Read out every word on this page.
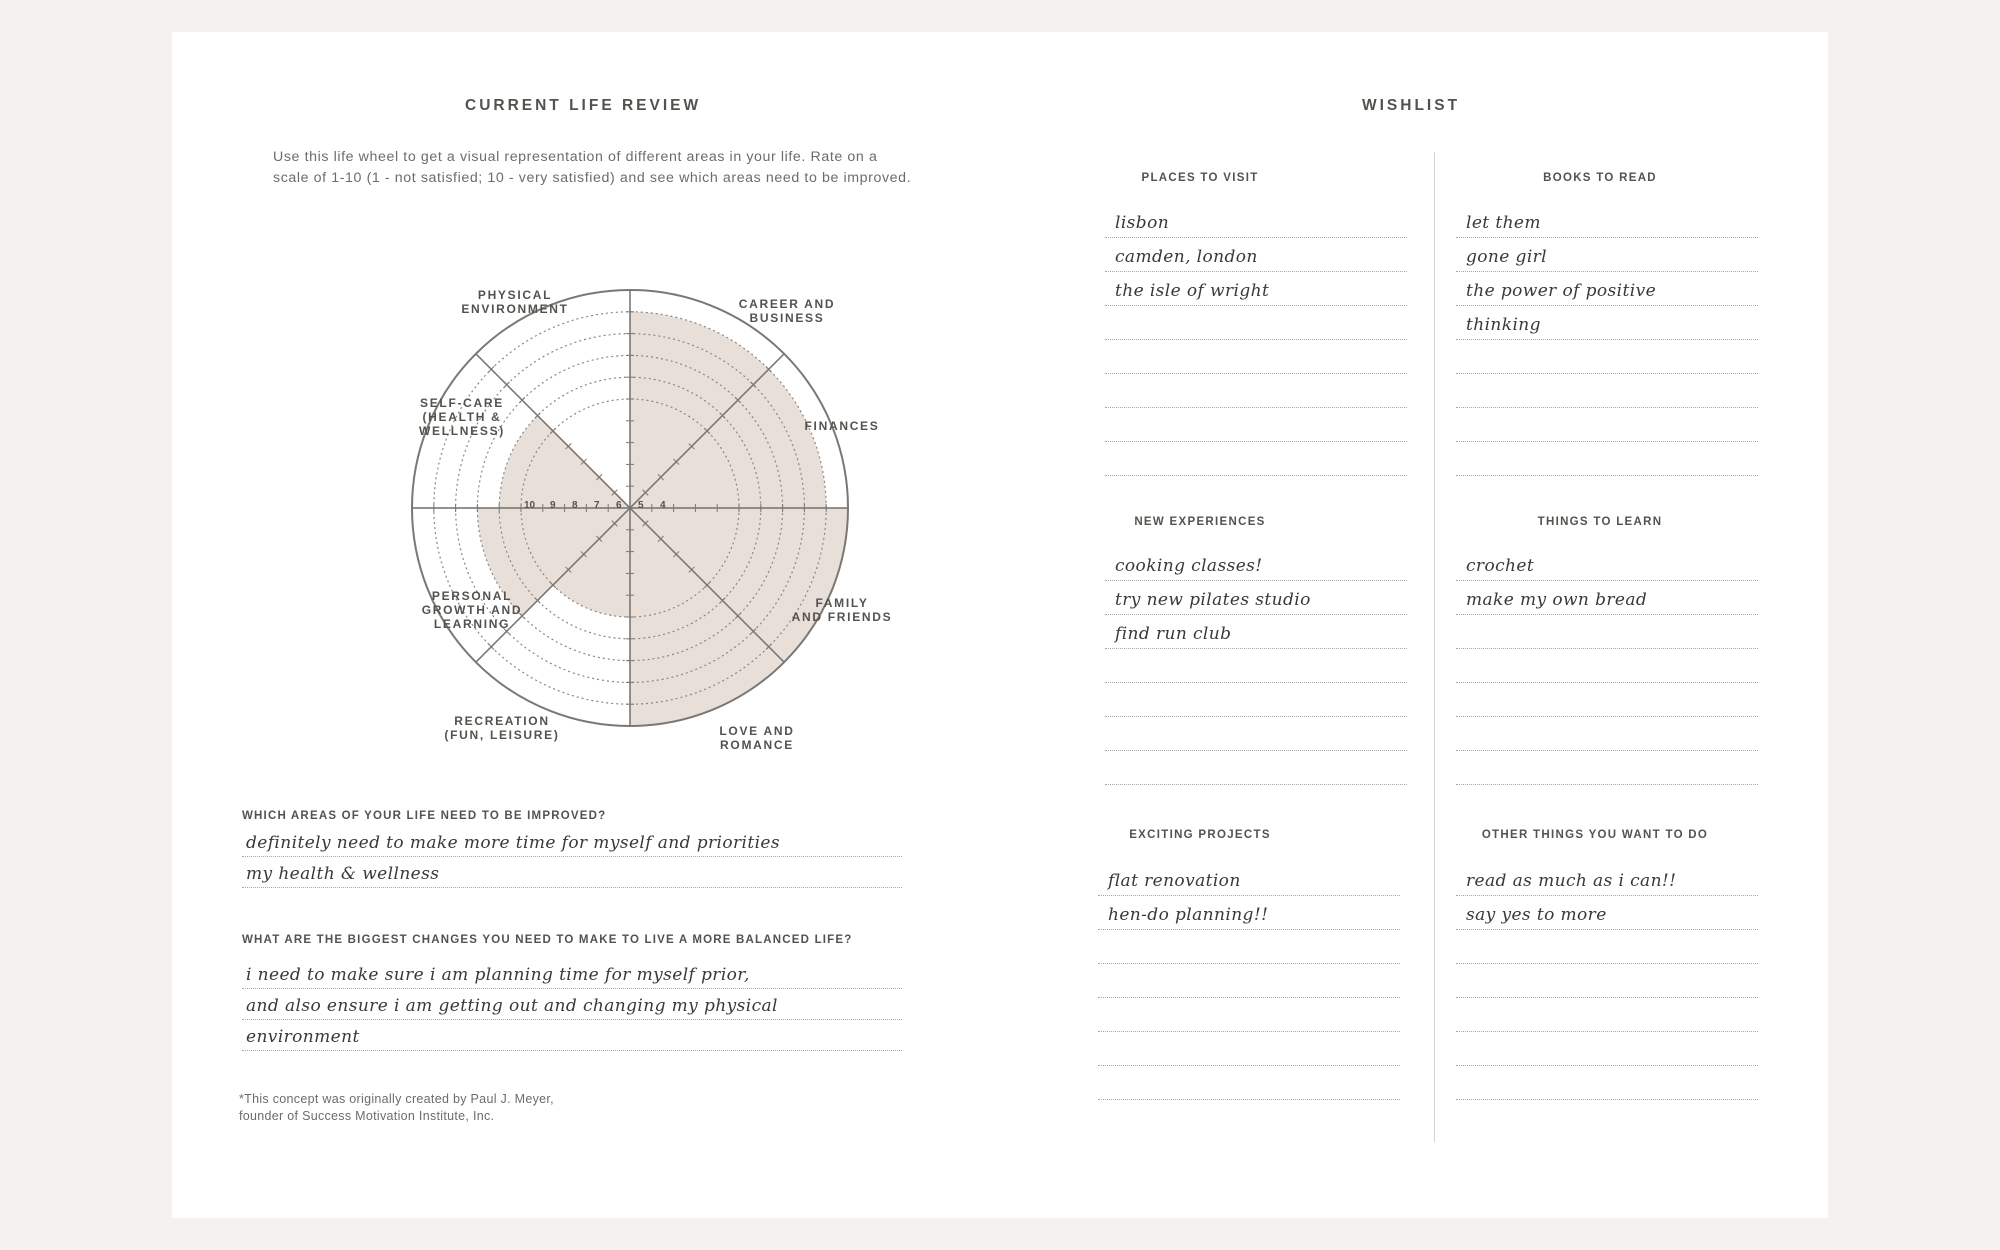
CURRENT LIFE REVIEW

Use this life wheel to get a visual representation of different areas in your life. Rate on a scale of 1-10 (1 - not satisfied; 10 - very satisfied) and see which areas need to be improved.

PHYSICAL
ENVIRONMENT	CAREER AND
BUSINESS
FINANCES
FAMILY
AND FRIENDS
LOVE AND
ROMANCE
RECREATION
(FUN, LEISURE)
PERSONAL
GROWTH AND
LEARNING
SELF-CARE
(HEALTH &
WELLNESS)
10 9 8 7 6 5 4
WHICH AREAS OF YOUR LIFE NEED TO BE IMPROVED?
definitely need to make more time for myself and priorities
my health & wellness
WHAT ARE THE BIGGEST CHANGES YOU NEED TO MAKE TO LIVE A MORE BALANCED LIFE?
i need to make sure i am planning time for myself prior,
and also ensure i am getting out and changing my physical
environment
*This concept was originally created by Paul J. Meyer,
founder of Success Motivation Institute, Inc.
WISHLIST
PLACES TO VISIT
lisbon
camden, london
the isle of wright
BOOKS TO READ
let them
gone girl
the power of positive
thinking
NEW EXPERIENCES
cooking classes!
try new pilates studio
find run club
THINGS TO LEARN
crochet
make my own bread
EXCITING PROJECTS
flat renovation
hen-do planning!!
OTHER THINGS YOU WANT TO DO
read as much as i can!!
say yes to more
